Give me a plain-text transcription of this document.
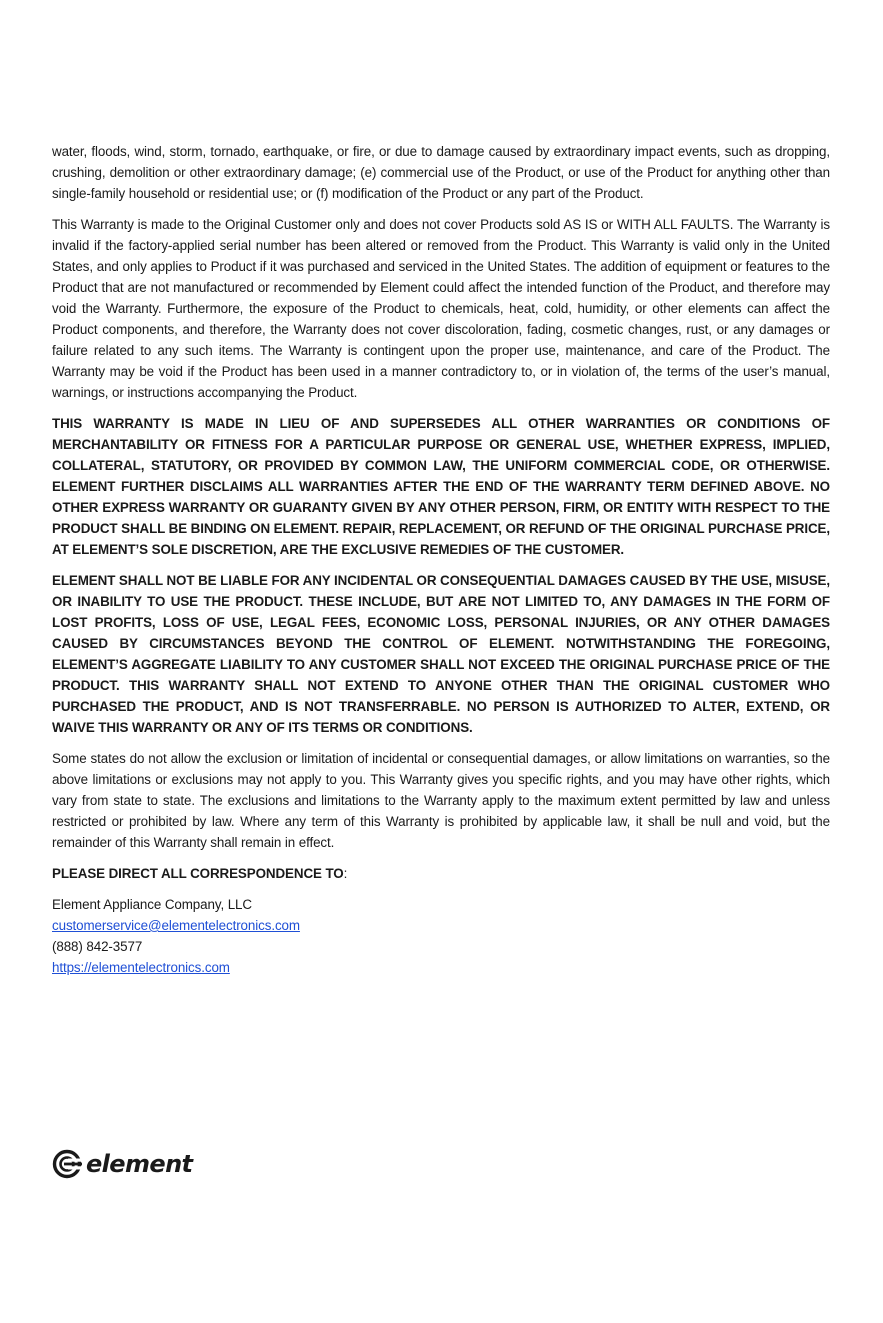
water, floods, wind, storm, tornado, earthquake, or fire, or due to damage caused by extraordinary impact events, such as dropping, crushing, demolition or other extraordinary damage; (e) commercial use of the Product, or use of the Product for anything other than single-family household or residential use; or (f) modification of the Product or any part of the Product.

This Warranty is made to the Original Customer only and does not cover Products sold AS IS or WITH ALL FAULTS. The Warranty is invalid if the factory-applied serial number has been altered or removed from the Product. This Warranty is valid only in the United States, and only applies to Product if it was purchased and serviced in the United States. The addition of equipment or features to the Product that are not manufactured or recommended by Element could affect the intended function of the Product, and therefore may void the Warranty. Furthermore, the exposure of the Product to chemicals, heat, cold, humidity, or other elements can affect the Product components, and therefore, the Warranty does not cover discoloration, fading, cosmetic changes, rust, or any damages or failure related to any such items. The Warranty is contingent upon the proper use, maintenance, and care of the Product. The Warranty may be void if the Product has been used in a manner contradictory to, or in violation of, the terms of the user’s manual, warnings, or instructions accompanying the Product.

THIS WARRANTY IS MADE IN LIEU OF AND SUPERSEDES ALL OTHER WARRANTIES OR CONDITIONS OF MERCHANTABILITY OR FITNESS FOR A PARTICULAR PURPOSE OR GENERAL USE, WHETHER EXPRESS, IMPLIED, COLLATERAL, STATUTORY, OR PROVIDED BY COMMON LAW, THE UNIFORM COMMERCIAL CODE, OR OTHERWISE. ELEMENT FURTHER DISCLAIMS ALL WARRANTIES AFTER THE END OF THE WARRANTY TERM DEFINED ABOVE. NO OTHER EXPRESS WARRANTY OR GUARANTY GIVEN BY ANY OTHER PERSON, FIRM, OR ENTITY WITH RESPECT TO THE PRODUCT SHALL BE BINDING ON ELEMENT. REPAIR, REPLACEMENT, OR REFUND OF THE ORIGINAL PURCHASE PRICE, AT ELEMENT’S SOLE DISCRETION, ARE THE EXCLUSIVE REMEDIES OF THE CUSTOMER.

ELEMENT SHALL NOT BE LIABLE FOR ANY INCIDENTAL OR CONSEQUENTIAL DAMAGES CAUSED BY THE USE, MISUSE, OR INABILITY TO USE THE PRODUCT. THESE INCLUDE, BUT ARE NOT LIMITED TO, ANY DAMAGES IN THE FORM OF LOST PROFITS, LOSS OF USE, LEGAL FEES, ECONOMIC LOSS, PERSONAL INJURIES, OR ANY OTHER DAMAGES CAUSED BY CIRCUMSTANCES BEYOND THE CONTROL OF ELEMENT. NOTWITHSTANDING THE FOREGOING, ELEMENT’S AGGREGATE LIABILITY TO ANY CUSTOMER SHALL NOT EXCEED THE ORIGINAL PURCHASE PRICE OF THE PRODUCT. THIS WARRANTY SHALL NOT EXTEND TO ANYONE OTHER THAN THE ORIGINAL CUSTOMER WHO PURCHASED THE PRODUCT, AND IS NOT TRANSFERRABLE. NO PERSON IS AUTHORIZED TO ALTER, EXTEND, OR WAIVE THIS WARRANTY OR ANY OF ITS TERMS OR CONDITIONS.

Some states do not allow the exclusion or limitation of incidental or consequential damages, or allow limitations on warranties, so the above limitations or exclusions may not apply to you. This Warranty gives you specific rights, and you may have other rights, which vary from state to state. The exclusions and limitations to the Warranty apply to the maximum extent permitted by law and unless restricted or prohibited by law. Where any term of this Warranty is prohibited by applicable law, it shall be null and void, but the remainder of this Warranty shall remain in effect.

PLEASE DIRECT ALL CORRESPONDENCE TO:

Element Appliance Company, LLC
customerservice@elementelectronics.com
(888) 842-3577
https://elementelectronics.com
element
